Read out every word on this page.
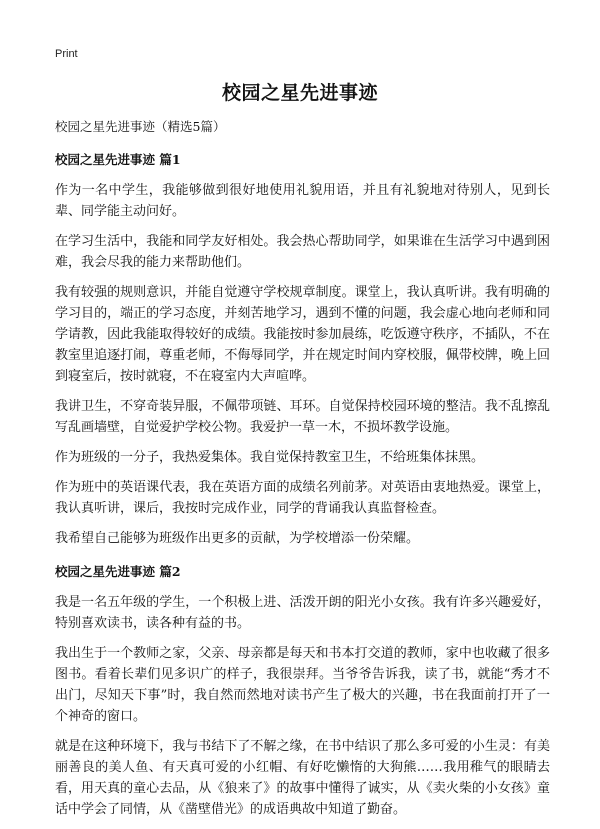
Print
校园之星先进事迹

校园之星先进事迹（精选5篇）

校园之星先进事迹 篇1

作为一名中学生，我能够做到很好地使用礼貌用语，并且有礼貌地对待别人，见到长辈、同学能主动问好。

在学习生活中，我能和同学友好相处。我会热心帮助同学，如果谁在生活学习中遇到困难，我会尽我的能力来帮助他们。

我有较强的规则意识，并能自觉遵守学校规章制度。课堂上，我认真听讲。我有明确的学习目的，端正的学习态度，并刻苦地学习，遇到不懂的问题，我会虚心地向老师和同学请教，因此我能取得较好的成绩。我能按时参加晨练，吃饭遵守秩序，不插队，不在教室里追逐打闹，尊重老师，不侮辱同学，并在规定时间内穿校服，佩带校牌，晚上回到寝室后，按时就寝，不在寝室内大声喧哗。

我讲卫生，不穿奇装异服，不佩带项链、耳环。自觉保持校园环境的整洁。我不乱擦乱写乱画墙壁，自觉爱护学校公物。我爱护一草一木，不损坏教学设施。

作为班级的一分子，我热爱集体。我自觉保持教室卫生，不给班集体抹黑。

作为班中的英语课代表，我在英语方面的成绩名列前茅。对英语由衷地热爱。课堂上，我认真听讲，课后，我按时完成作业，同学的背诵我认真监督检查。

我希望自己能够为班级作出更多的贡献，为学校增添一份荣耀。

校园之星先进事迹 篇2

我是一名五年级的学生，一个积极上进、活泼开朗的阳光小女孩。我有许多兴趣爱好，特别喜欢读书，读各种有益的书。

我出生于一个教师之家，父亲、母亲都是每天和书本打交道的教师，家中也收藏了很多图书。看着长辈们见多识广的样子，我很崇拜。当爷爷告诉我，读了书，就能“秀才不出门，尽知天下事”时，我自然而然地对读书产生了极大的兴趣，书在我面前打开了一个神奇的窗口。

就是在这种环境下，我与书结下了不解之缘，在书中结识了那么多可爱的小生灵：有美丽善良的美人鱼、有天真可爱的小红帽、有好吃懒惰的大狗熊……我用稚气的眼睛去看，用天真的童心去品，从《狼来了》的故事中懂得了诚实，从《卖火柴的小女孩》童话中学会了同情，从《凿壁借光》的成语典故中知道了勤奋。
